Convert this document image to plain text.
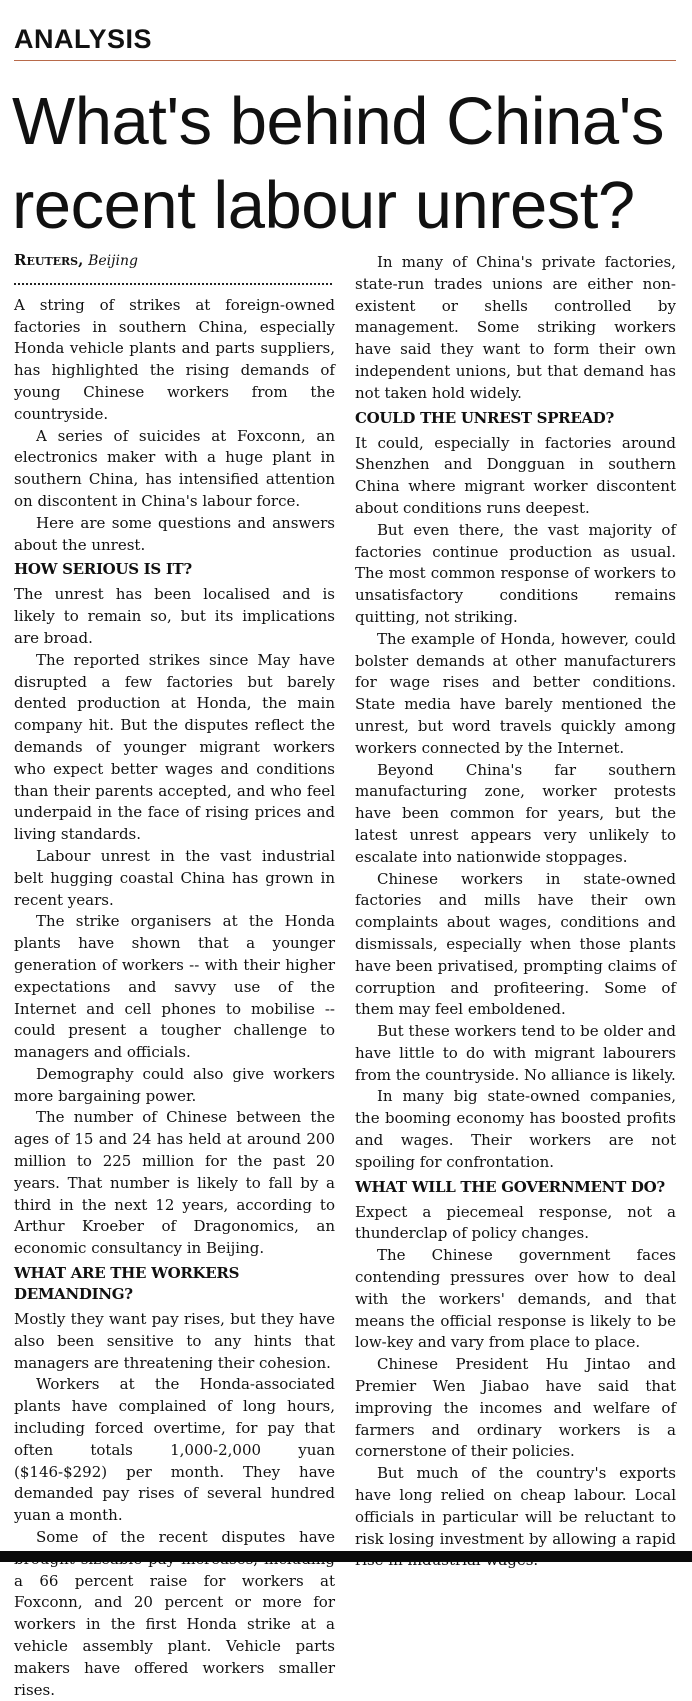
ANALYSIS
What's behind China's recent labour unrest?
Reuters, Beijing

A string of strikes at foreign-owned factories in southern China, especially Honda vehicle plants and parts suppliers, has highlighted the rising demands of young Chinese workers from the countryside.

A series of suicides at Foxconn, an electronics maker with a huge plant in southern China, has intensified attention on discontent in China's labour force.

Here are some questions and answers about the unrest.

HOW SERIOUS IS IT?

The unrest has been localised and is likely to remain so, but its implications are broad.

The reported strikes since May have disrupted a few factories but barely dented production at Honda, the main company hit. But the disputes reflect the demands of younger migrant workers who expect better wages and conditions than their parents accepted, and who feel underpaid in the face of rising prices and living standards.

Labour unrest in the vast industrial belt hugging coastal China has grown in recent years.

The strike organisers at the Honda plants have shown that a younger generation of workers -- with their higher expectations and savvy use of the Internet and cell phones to mobilise -- could present a tougher challenge to managers and officials.

Demography could also give workers more bargaining power.

The number of Chinese between the ages of 15 and 24 has held at around 200 million to 225 million for the past 20 years. That number is likely to fall by a third in the next 12 years, according to Arthur Kroeber of Dragonomics, an economic consultancy in Beijing.

WHAT ARE THE WORKERS DEMANDING?

Mostly they want pay rises, but they have also been sensitive to any hints that managers are threatening their cohesion.

Workers at the Honda-associated plants have complained of long hours, including forced overtime, for pay that often totals 1,000-2,000 yuan ($146-$292) per month. They have demanded pay rises of several hundred yuan a month.

Some of the recent disputes have a 66 percent raise for workers at Foxconn, and 20 percent or more for workers in the first Honda strike at a vehicle assembly plant. Vehicle parts makers have offered workers smaller rises.

In many of China's private factories, state-run trades unions are either non-existent or shells controlled by management. Some striking workers have said they want to form their own independent unions, but that demand has not taken hold widely.

COULD THE UNREST SPREAD?

It could, especially in factories around Shenzhen and Dongguan in southern China where migrant worker discontent about conditions runs deepest.

But even there, the vast majority of factories continue production as usual. The most common response of workers to unsatisfactory conditions remains quitting, not striking.

The example of Honda, however, could bolster demands at other manufacturers for wage rises and better conditions. State media have barely mentioned the unrest, but word travels quickly among workers connected by the Internet.

Beyond China's far southern manufacturing zone, worker protests have been common for years, but the latest unrest appears very unlikely to escalate into nationwide stoppages.

Chinese workers in state-owned factories and mills have their own complaints about wages, conditions and dismissals, especially when those plants have been privatised, prompting claims of corruption and profiteering. Some of them may feel emboldened.

But these workers tend to be older and have little to do with migrant labourers from the countryside. No alliance is likely.

In many big state-owned companies, the booming economy has boosted profits and wages. Their workers are not spoiling for confrontation.

WHAT WILL THE GOVERNMENT DO?

Expect a piecemeal response, not a thunderclap of policy changes.

The Chinese government faces contending pressures over how to deal with the workers' demands, and that means the official response is likely to be low-key and vary from place to place.

Chinese President Hu Jintao and Premier Wen Jiabao have said that improving the incomes and welfare of farmers and ordinary workers is a cornerstone of their policies.

But much of the country's exports have long relied on cheap labour. Local officials in particular will be reluctant to risk losing investment by allowing a rapid
